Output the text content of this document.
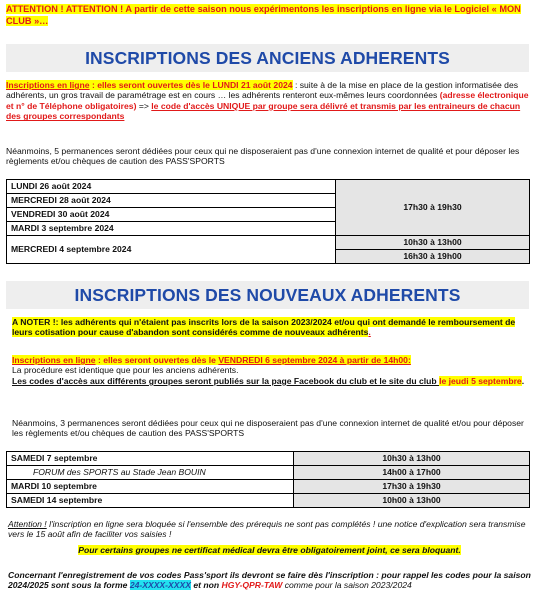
ATTENTION ! ATTENTION ! A partir de cette saison nous expérimentons les inscriptions en ligne via le Logiciel « MON CLUB »…
INSCRIPTIONS DES ANCIENS ADHERENTS
Inscriptions en ligne : elles seront ouvertes dès le LUNDI 21 août 2024 : suite à de la mise en place de la gestion informatisée des adhérents, un gros travail de paramétrage est en cours … les adhérents renteront eux-mêmes leurs coordonnées (adresse électronique et n° de Téléphone obligatoires) => le code d'accès UNIQUE par groupe sera délivré et transmis par les entraineurs de chacun des groupes correspondants
Néanmoins, 5 permanences seront dédiées pour ceux qui ne disposeraient pas d'une connexion internet de qualité et pour déposer les règlements et/ou chèques de caution des PASS'SPORTS
LUNDI 26 août 2024	17h30 à 19h30
MERCREDI 28 août 2024	
VENDREDI 30 août 2024	
MARDI 3 septembre 2024	
MERCREDI 4 septembre 2024	10h30 à 13h00
	16h30 à 19h00
INSCRIPTIONS DES NOUVEAUX ADHERENTS
A NOTER !: les adhérents qui n'étaient pas inscrits lors de la saison 2023/2024 et/ou qui ont demandé le remboursement de leurs cotisation pour cause d'abandon sont considérés comme de nouveaux adhérents.
Inscriptions en ligne : elles seront ouvertes dès le VENDREDI 6 septembre 2024 à partir de 14h00:
La procédure est identique que pour les anciens adhérents.
Les codes d'accès aux différents groupes seront publiés sur la page Facebook du club et le site du club le jeudi 5 septembre.
Néanmoins, 3 permanences seront dédiées pour ceux qui ne disposeraient pas d'une connexion internet de qualité et/ou pour déposer les règlements et/ou chèques de caution des PASS'SPORTS
SAMEDI 7 septembre	10h30 à 13h00
FORUM des SPORTS au Stade Jean BOUIN	14h00 à 17h00
MARDI 10 septembre	17h30 à 19h30
SAMEDI 14 septembre	10h00 à 13h00
Attention ! l'inscription en ligne sera bloquée si l'ensemble des prérequis ne sont pas complétés ! une notice d'explication sera transmise vers le 15 août afin de faciliter vos saisies !
Pour certains groupes ne certificat médical devra être obligatoirement joint, ce sera bloquant.
Concernant l'enregistrement de vos codes Pass'sport ils devront se faire dès l'inscription : pour rappel les codes pour la saison 2024/2025 sont sous la forme 24-XXXX-XXXX et non HGY-QPR-TAW comme pour la saison 2023/2024
